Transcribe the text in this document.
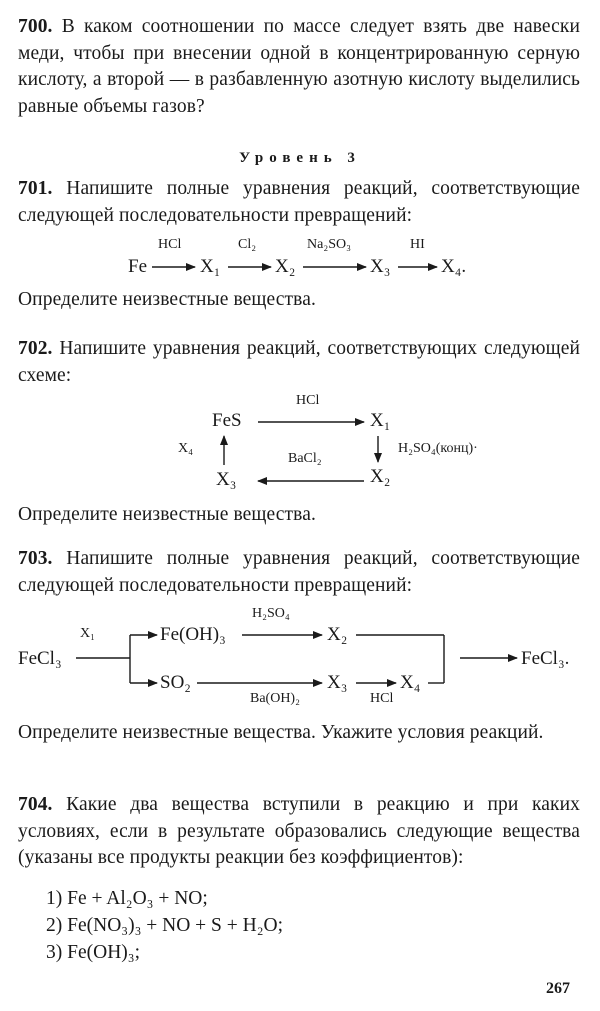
700. В каком соотношении по массе следует взять две навески меди, чтобы при внесении одной в концентрированную серную кислоту, а второй — в разбавленную азотную кислоту выделились равные объемы газов?

Уровень 3

701. Напишите полные уравнения реакций, соответствующие следующей последовательности превращений:

Fe
HCl	Cl₂	Na₂SO₃	HI
X₁	X₂	X₃	X₄.

Определите неизвестные вещества.

702. Напишите уравнения реакций, соответствующих следующей схеме:

FeS	X₁
X₂
X₃
HCl
BaCl₂
H₂SO₄(конц)·
X₄

Определите неизвестные вещества.

703. Напишите полные уравнения реакций, соответствующие следующей последовательности превращений:

FeCl₃
X₁	Fe(OH)₃
H₂SO₄
X₂
SO₂
Ba(OH)₂
X₃
HCl
X₄
FeCl₃.

Определите неизвестные вещества. Укажите условия реакций.

704. Какие два вещества вступили в реакцию и при каких условиях, если в результате образовались следующие вещества (указаны все продукты реакции без коэффициентов):

1) Fe + Al₂O₃ + NO;
2) Fe(NO₃)₃ + NO + S + H₂O;
3) Fe(OH)₃;
267
